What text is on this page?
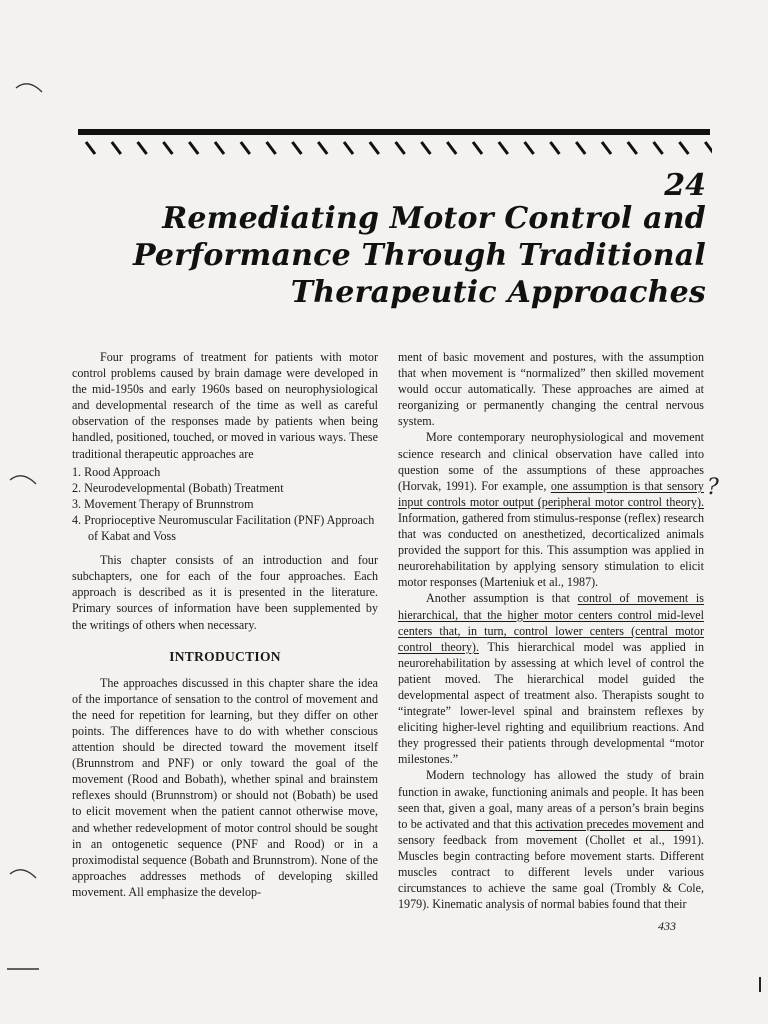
24
Remediating Motor Control and
Performance Through Traditional
Therapeutic Approaches

Four programs of treatment for patients with motor control problems caused by brain damage were developed in the mid-1950s and early 1960s based on neurophysiological and developmental research of the time as well as careful observation of the responses made by patients when being handled, positioned, touched, or moved in various ways. These traditional therapeutic approaches are

1. Rood Approach
2. Neurodevelopmental (Bobath) Treatment
3. Movement Therapy of Brunnstrom
4. Proprioceptive Neuromuscular Facilitation (PNF) Approach of Kabat and Voss

This chapter consists of an introduction and four subchapters, one for each of the four approaches. Each approach is described as it is presented in the literature. Primary sources of information have been supplemented by the writings of others when necessary.

INTRODUCTION

The approaches discussed in this chapter share the idea of the importance of sensation to the control of movement and the need for repetition for learning, but they differ on other points. The differences have to do with whether conscious attention should be directed toward the movement itself (Brunnstrom and PNF) or only toward the goal of the movement (Rood and Bobath), whether spinal and brainstem reflexes should (Brunnstrom) or should not (Bobath) be used to elicit movement when the patient cannot otherwise move, and whether redevelopment of motor control should be sought in an ontogenetic sequence (PNF and Rood) or in a proximodistal sequence (Bobath and Brunnstrom). None of the approaches addresses methods of developing skilled movement. All emphasize the develop-

ment of basic movement and postures, with the assumption that when movement is “normalized” then skilled movement would occur automatically. These approaches are aimed at reorganizing or permanently changing the central nervous system.

More contemporary neurophysiological and movement science research and clinical observation have called into question some of the assumptions of these approaches (Horvak, 1991). For example, one assumption is that sensory input controls motor output (peripheral motor control theory). Information, gathered from stimulus-response (reflex) research that was conducted on anesthetized, decorticalized animals provided the support for this. This assumption was applied in neurorehabilitation by applying sensory stimulation to elicit motor responses (Marteniuk et al., 1987).

Another assumption is that control of movement is hierarchical, that the higher motor centers control mid-level centers that, in turn, control lower centers (central motor control theory). This hierarchical model was applied in neurorehabilitation by assessing at which level of control the patient moved. The hierarchical model guided the developmental aspect of treatment also. Therapists sought to “integrate” lower-level spinal and brainstem reflexes by eliciting higher-level righting and equilibrium reactions. And they progressed their patients through developmental “motor milestones.”

Modern technology has allowed the study of brain function in awake, functioning animals and people. It has been seen that, given a goal, many areas of a person’s brain begins to be activated and that this activation precedes movement and sensory feedback from movement (Chollet et al., 1991). Muscles begin contracting before movement starts. Different muscles contract to different levels under various circumstances to achieve the same goal (Trombly & Cole, 1979). Kinematic analysis of normal babies found that their

?
433
